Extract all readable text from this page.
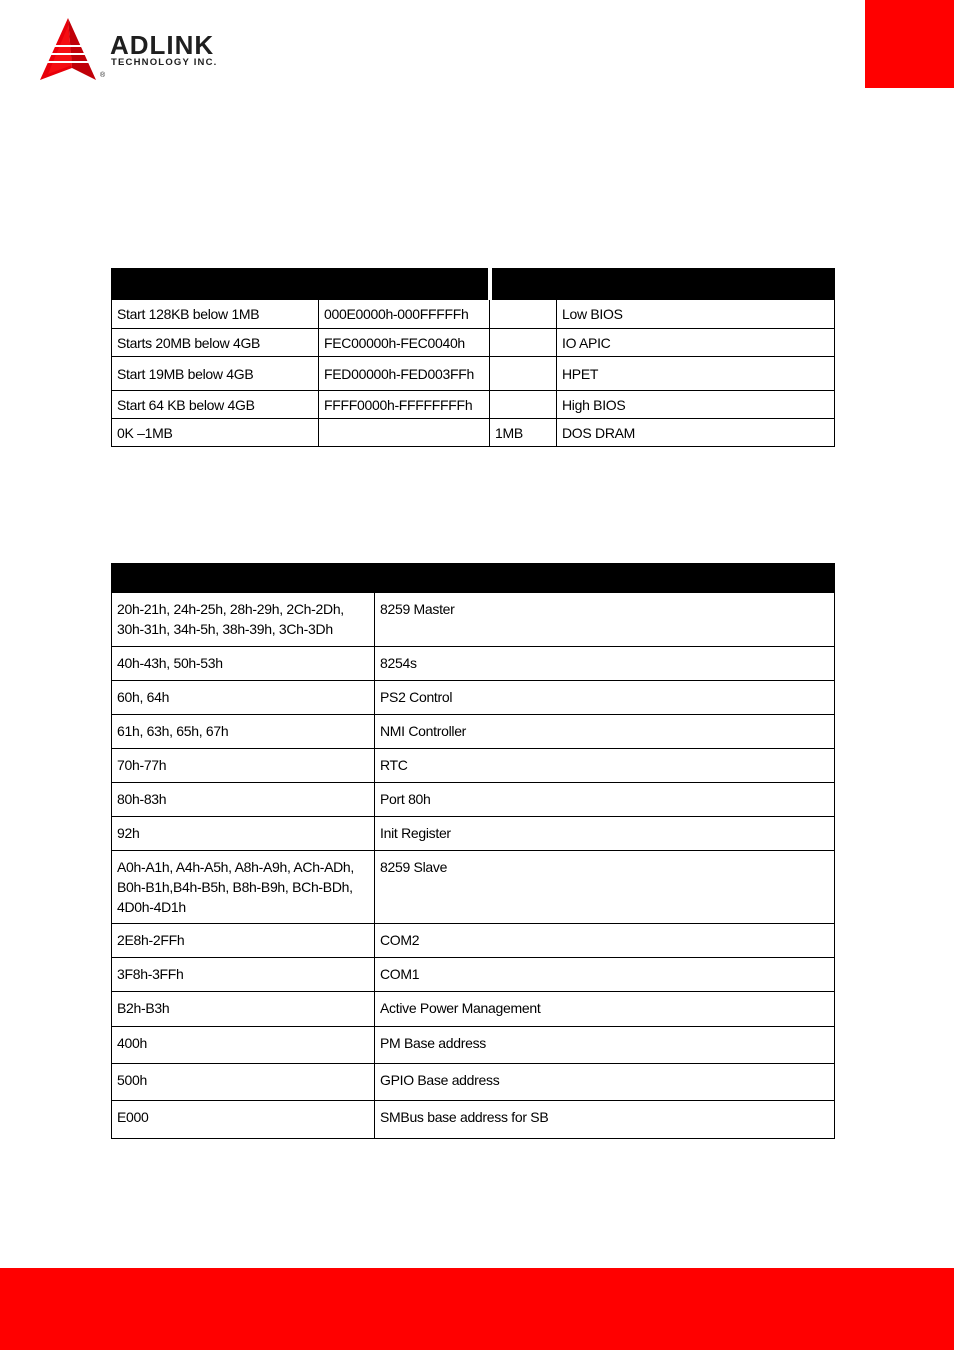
ADLINK
TECHNOLOGY INC.
®

Start 128KB below 1MB	000E0000h-000FFFFFh		Low BIOS
Starts 20MB below 4GB	FEC00000h-FEC0040h		IO APIC
Start 19MB below 4GB	FED00000h-FED003FFh		HPET
Start 64 KB below 4GB	FFFF0000h-FFFFFFFFh		High BIOS
0K –1MB		1MB	DOS DRAM

20h-21h, 24h-25h, 28h-29h, 2Ch-2Dh, 30h-31h, 34h-5h, 38h-39h, 3Ch-3Dh	8259 Master
40h-43h, 50h-53h	8254s
60h, 64h	PS2 Control
61h, 63h, 65h, 67h	NMI Controller
70h-77h	RTC
80h-83h	Port 80h
92h	Init Register
A0h-A1h, A4h-A5h, A8h-A9h, ACh-ADh, B0h-B1h,B4h-B5h, B8h-B9h, BCh-BDh, 4D0h-4D1h	8259 Slave
2E8h-2FFh	COM2
3F8h-3FFh	COM1
B2h-B3h	Active Power Management
400h	PM Base address
500h	GPIO Base address
E000	SMBus base address for SB
